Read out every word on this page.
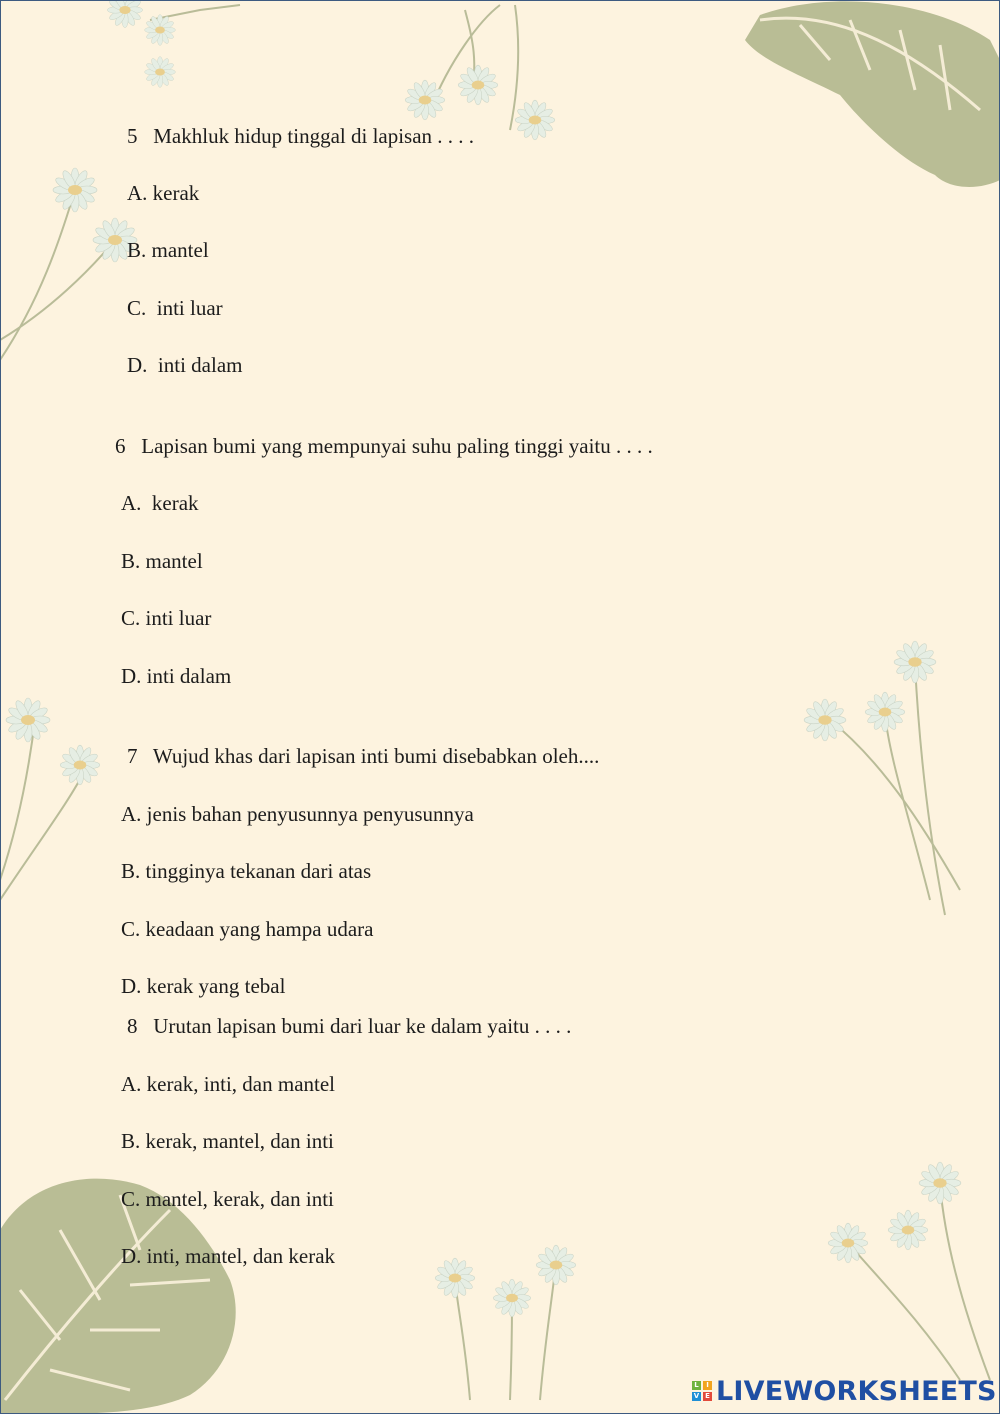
5   Makhluk hidup tinggal di lapisan . . . .
A. kerak
B. mantel
C.  inti luar
D.  inti dalam
6   Lapisan bumi yang mempunyai suhu paling tinggi yaitu . . . .
A.  kerak
B. mantel
C. inti luar
D. inti dalam
7   Wujud khas dari lapisan inti bumi disebabkan oleh....
A. jenis bahan penyusunnya penyusunnya
B. tingginya tekanan dari atas
C. keadaan yang hampa udara
D. kerak yang tebal
8   Urutan lapisan bumi dari luar ke dalam yaitu . . . .
A. kerak, inti, dan mantel
B. kerak, mantel, dan inti
C. mantel, kerak, dan inti
D. inti, mantel, dan kerak
L	I
V E LIVEWORKSHEETS
